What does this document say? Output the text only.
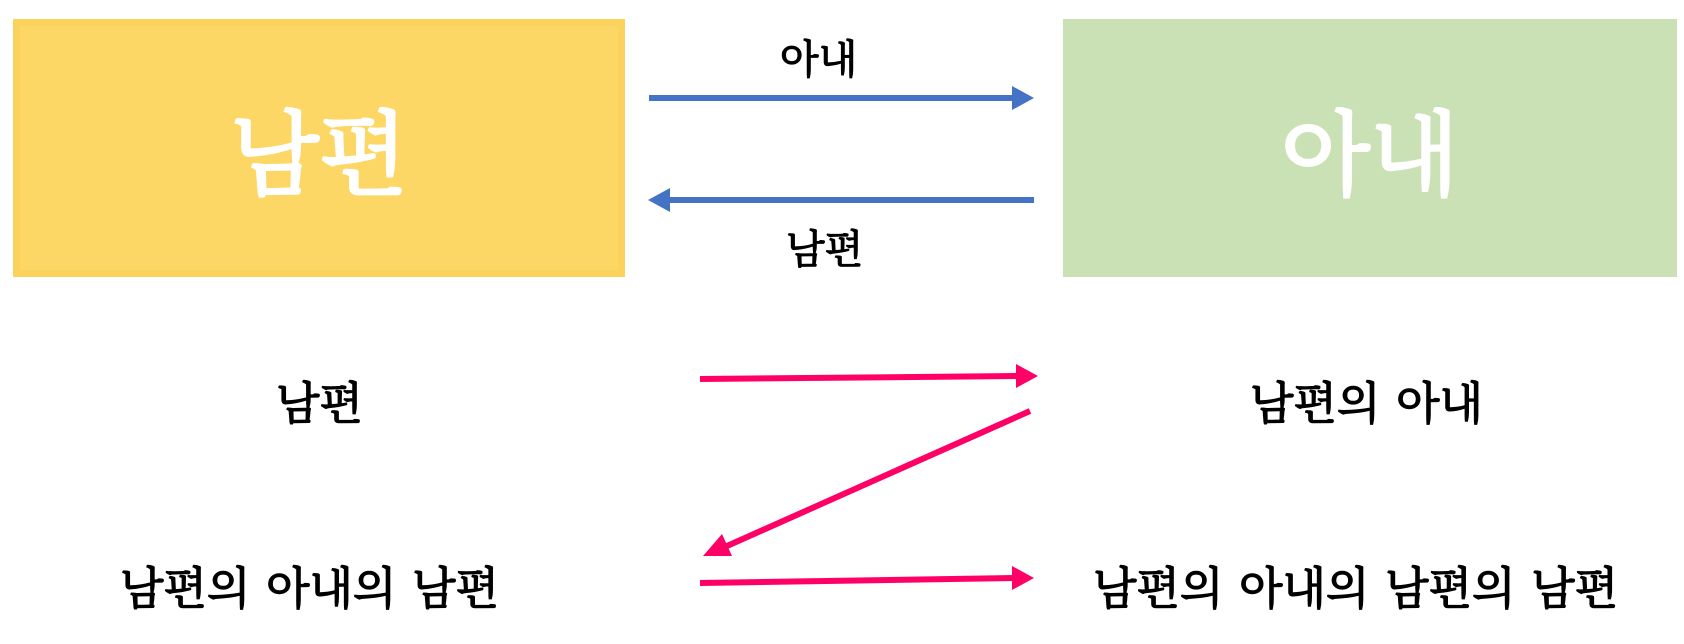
남편	아내
아내
남편
남편	남편의 아내
남편의 아내의 남편	남편의 아내의 남편의 남편
